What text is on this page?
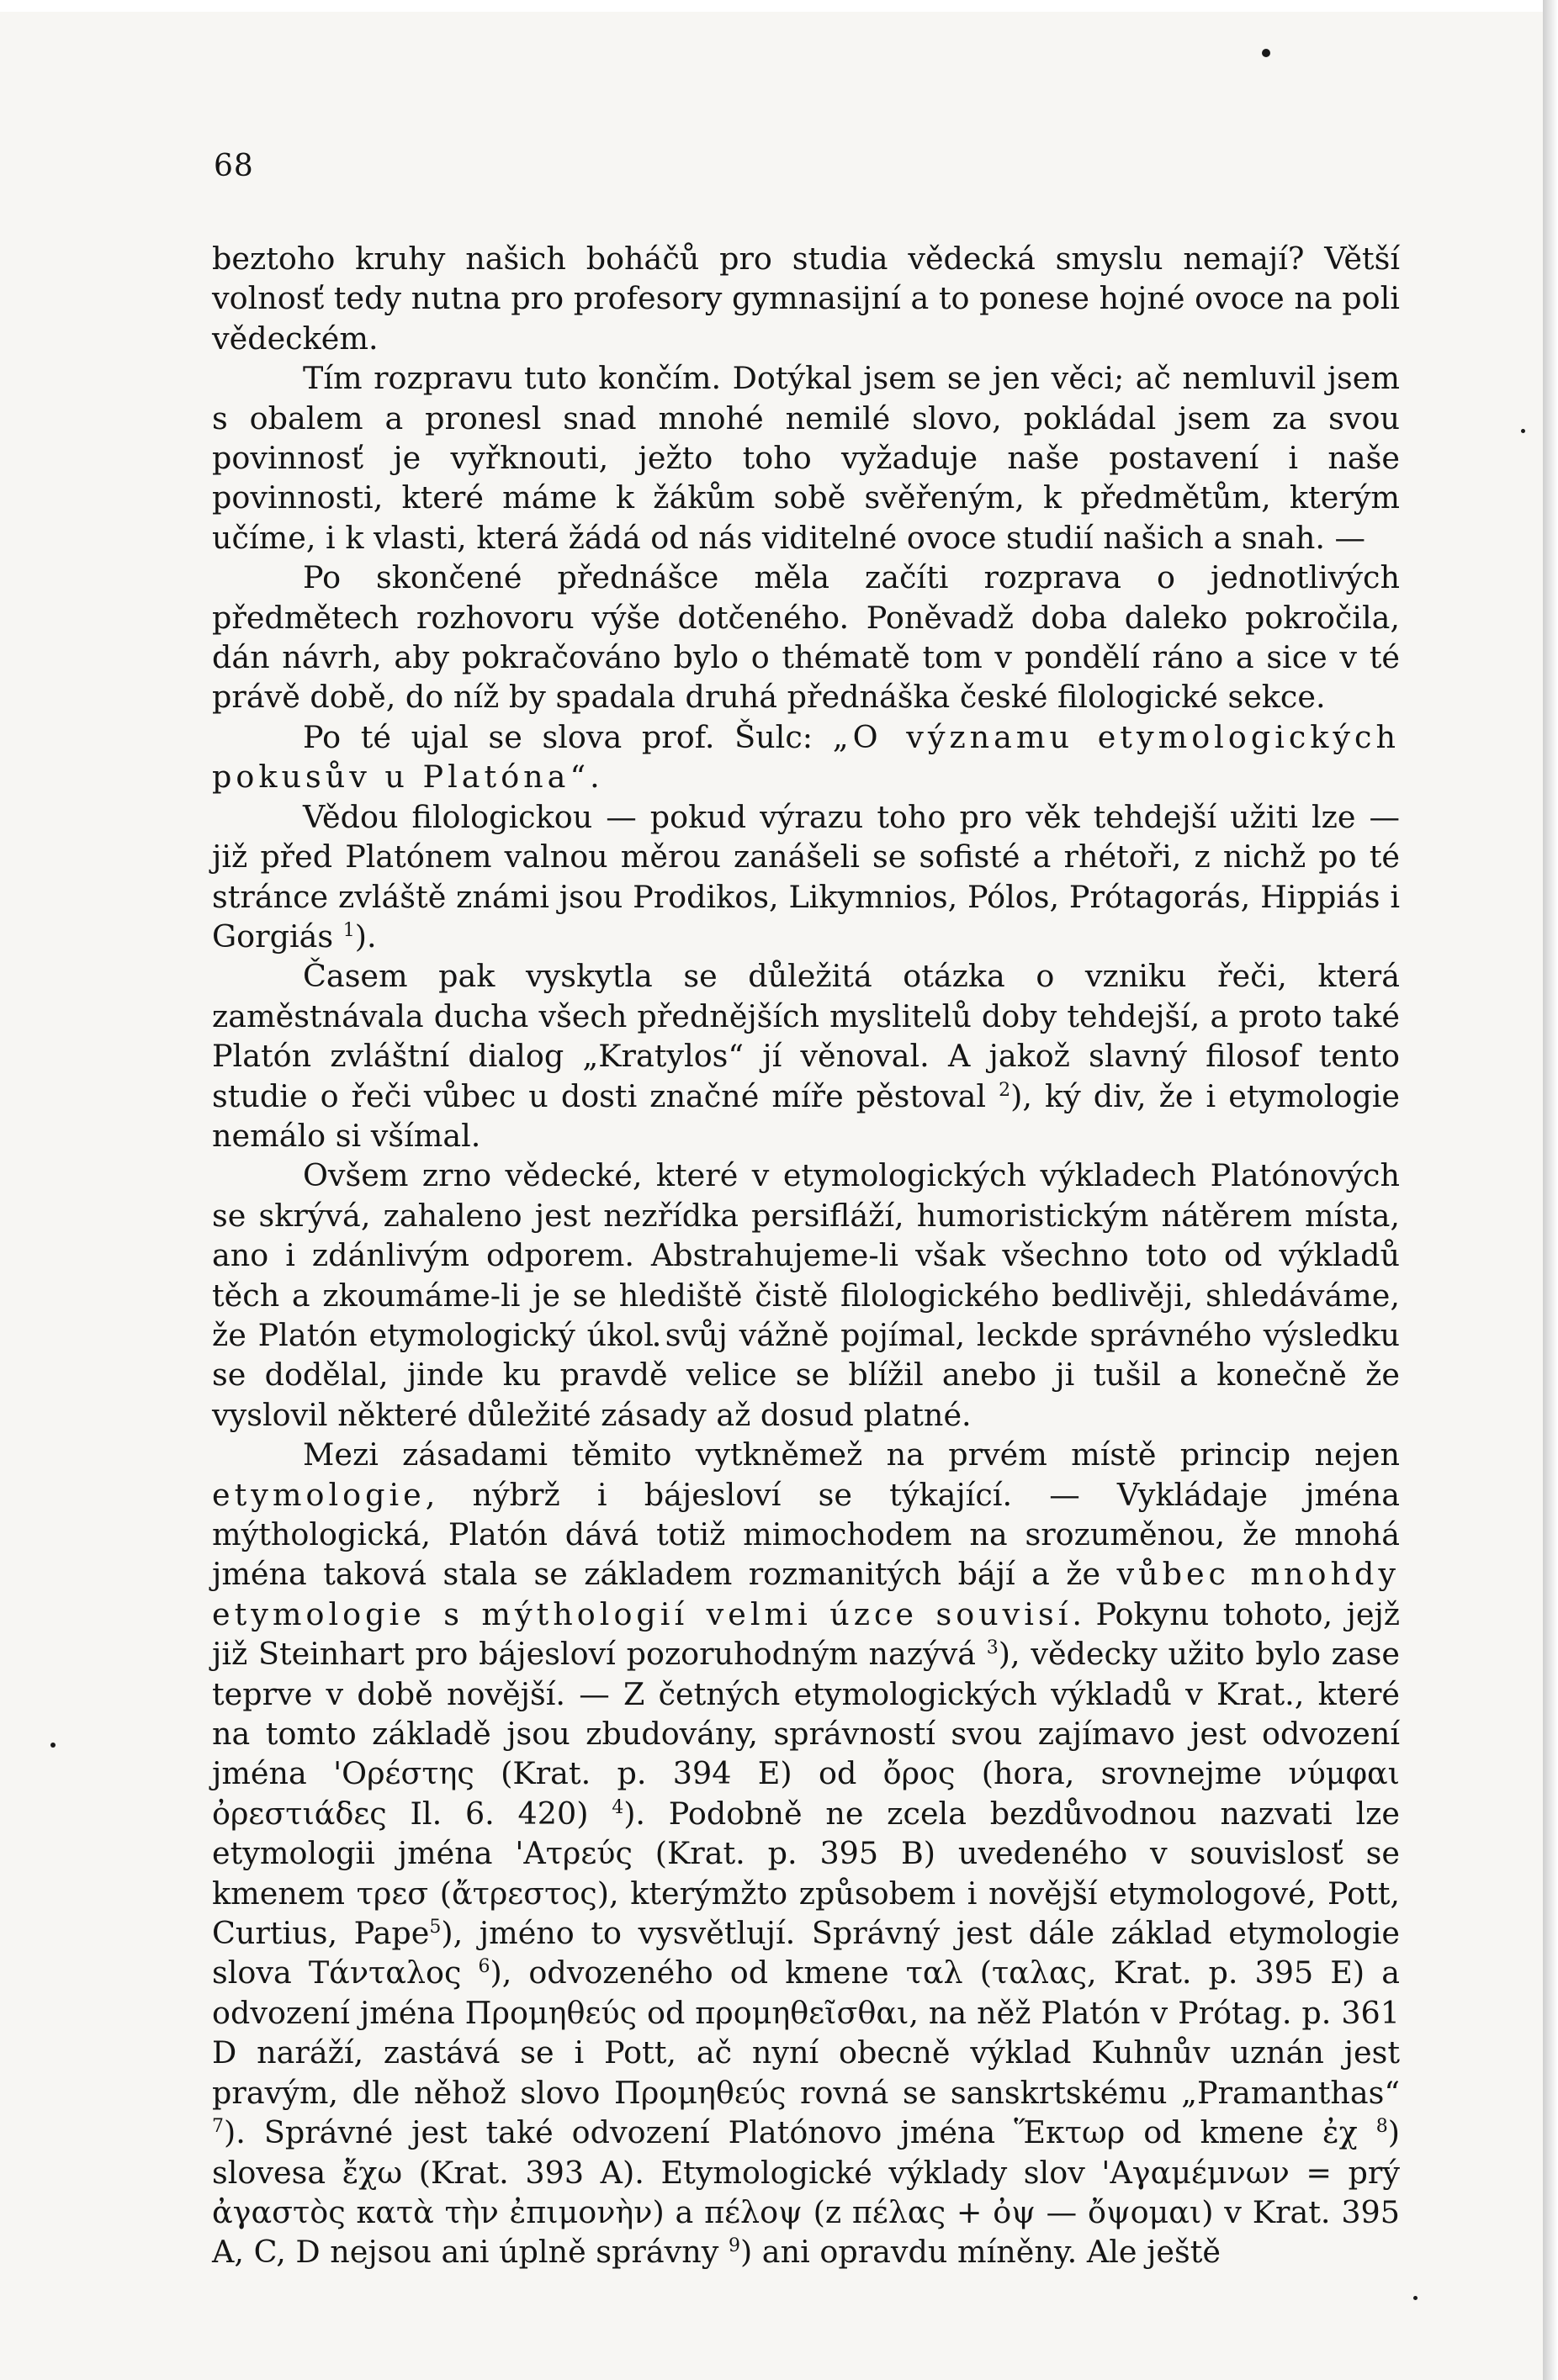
68

beztoho kruhy našich boháčů pro studia vědecká smyslu nemají? Větší volnosť tedy nutna pro profesory gymnasijní a to ponese hojné ovoce na poli vědeckém.

Tím rozpravu tuto končím. Dotýkal jsem se jen věci; ač nemluvil jsem s obalem a pronesl snad mnohé nemilé slovo, pokládal jsem za svou povinnosť je vyřknouti, ježto toho vyžaduje naše postavení i naše povinnosti, které máme k žákům sobě svěřeným, k předmětům, kterým učíme, i k vlasti, která žádá od nás viditelné ovoce studií našich a snah. —

Po skončené přednášce měla začíti rozprava o jednotlivých předmětech rozhovoru výše dotčeného. Poněvadž doba daleko pokročila, dán návrh, aby pokračováno bylo o thématě tom v pondělí ráno a sice v té právě době, do níž by spadala druhá přednáška české filologické sekce.

Po té ujal se slova prof. Šulc: „O významu etymologických pokusův u Platóna“.

Vědou filologickou — pokud výrazu toho pro věk tehdejší užiti lze — již před Platónem valnou měrou zanášeli se sofisté a rhétoři, z nichž po té stránce zvláště známi jsou Prodikos, Likymnios, Pólos, Prótagorás, Hippiás i Gorgiás $^1$).

Časem pak vyskytla se důležitá otázka o vzniku řeči, která zaměstnávala ducha všech přednějších myslitelů doby tehdejší, a proto také Platón zvláštní dialog „Kratylos“ jí věnoval. A jakož slavný filosof tento studie o řeči vůbec u dosti značné míře pěstoval $^2$), ký div, že i etymologie nemálo si všímal.

Ovšem zrno vědecké, které v etymologických výkladech Platónových se skrývá, zahaleno jest nezřídka persifláží, humoristickým nátěrem místa, ano i zdánlivým odporem. Abstrahujeme-li však všechno toto od výkladů těch a zkoumáme-li je se hlediště čistě filologického bedlivěji, shledáváme, že Platón etymologický úkol svůj vážně pojímal, leckde správného výsledku se dodělal, jinde ku pravdě velice se blížil anebo ji tušil a konečně že vyslovil některé důležité zásady až dosud platné.

Mezi zásadami těmito vytkněmež na prvém místě princip nejen etymologie, nýbrž i bájesloví se týkající. — Vykládaje jména mýthologická, Platón dává totiž mimochodem na srozuměnou, že mnohá jména taková stala se základem rozmanitých bájí a že vůbec mnohdy etymologie s mýthologií velmi úzce souvisí. Pokynu tohoto, jejž již Steinhart pro bájesloví pozoruhodným nazývá $^3$), vědecky užito bylo zase teprve v době novější. — Z četných etymologických výkladů v Krat., které na tomto základě jsou zbudovány, správností svou zajímavo jest odvození jména 'Ορέστης (Krat. p. 394 E) od ὄρος (hora, srovnejme νύμφαι ὀρεστιάδες Il. 6. 420) $^4$). Podobně ne zcela bezdůvodnou nazvati lze etymologii jména 'Ατρεύς (Krat. p. 395 B) uvedeného v souvislosť se kmenem τρεσ (ἄτρεστος), kterýmžto způsobem i novější etymologové, Pott, Curtius, Pape$^5$), jméno to vysvětlují. Správný jest dále základ etymologie slova Τάνταλος $^6$), odvozeného od kmene ταλ (ταλας, Krat. p. 395 E) a odvození jména Προμηθεύς od προμηθεῖσθαι, na něž Platón v Prótag. p. 361 D naráží, zastává se i Pott, ač nyní obecně výklad Kuhnův uznán jest pravým, dle něhož slovo Προμηθεύς rovná se sanskrtskému „Pramanthas“ $^7$). Správné jest také odvození Platónovo jména Ἕκτωρ od kmene ἐχ $^8$) slovesa ἔχω (Krat. 393 A). Etymologické výklady slov 'Αγαμέμνων = prý ἀγαστὸς κατὰ τὴν ἐπιμονὴν) a πέλοψ (z πέλας + ὀψ — ὄψομαι) v Krat. 395 A, C, D nejsou ani úplně správny $^9$) ani opravdu míněny. Ale ještě
